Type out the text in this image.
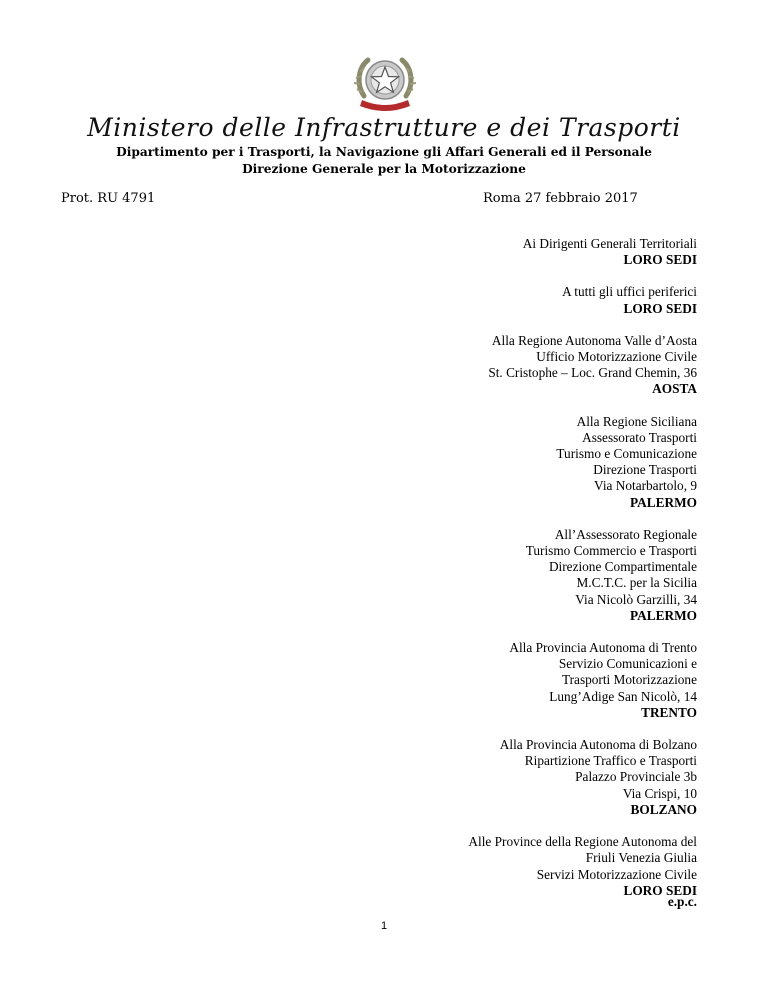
Ministero delle Infrastrutture e dei Trasporti
Dipartimento per i Trasporti, la Navigazione gli Affari Generali ed il Personale
Direzione Generale per la Motorizzazione
Prot. RU 4791	Roma 27 febbraio 2017
Ai Dirigenti Generali Territoriali
LORO SEDI
A tutti gli uffici periferici
LORO SEDI
Alla Regione Autonoma Valle d’Aosta
Ufficio Motorizzazione Civile
St. Cristophe – Loc. Grand Chemin, 36
AOSTA
Alla Regione Siciliana
Assessorato Trasporti
Turismo e Comunicazione
Direzione Trasporti
Via Notarbartolo, 9
PALERMO
All’Assessorato Regionale
Turismo Commercio e Trasporti
Direzione Compartimentale
M.C.T.C. per la Sicilia
Via Nicolò Garzilli, 34
PALERMO
Alla Provincia Autonoma di Trento
Servizio Comunicazioni e
Trasporti Motorizzazione
Lung’Adige San Nicolò, 14
TRENTO
Alla Provincia Autonoma di Bolzano
Ripartizione Traffico e Trasporti
Palazzo Provinciale 3b
Via Crispi, 10
BOLZANO
Alle Province della Regione Autonoma del
Friuli Venezia Giulia
Servizi Motorizzazione Civile
LORO SEDI
e.p.c.
1
